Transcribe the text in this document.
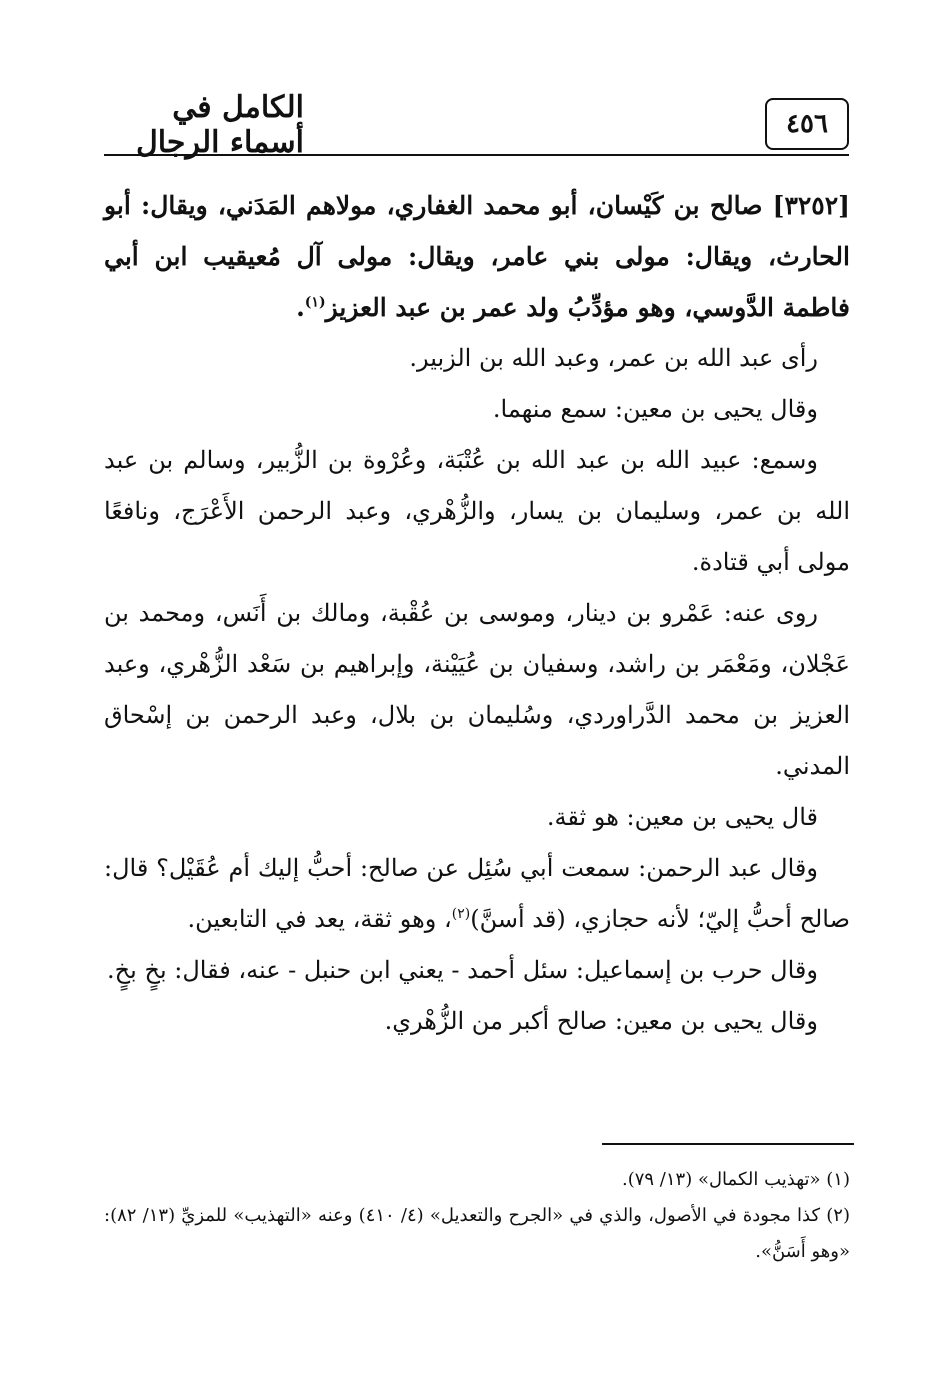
٤٥٦
الكامل في أسماء الرجال

[٣٢٥٢] صالح بن كَيْسان، أبو محمد الغفاري، مولاهم المَدَني، ويقال: أبو الحارث، ويقال: مولى بني عامر، ويقال: مولى آل مُعيقيب ابن أبي فاطمة الدَّوسي، وهو مؤدِّبُ ولد عمر بن عبد العزيز$^{(١)}$.

رأى عبد الله بن عمر، وعبد الله بن الزبير.

وقال يحيى بن معين: سمع منهما.

وسمع: عبيد الله بن عبد الله بن عُتْبَة، وعُرْوة بن الزُّبير، وسالم بن عبد الله بن عمر، وسليمان بن يسار، والزُّهْري، وعبد الرحمن الأَعْرَج، ونافعًا مولى أبي قتادة.

روى عنه: عَمْرو بن دينار، وموسى بن عُقْبة، ومالك بن أَنَس، ومحمد بن عَجْلان، ومَعْمَر بن راشد، وسفيان بن عُيَيْنة، وإبراهيم بن سَعْد الزُّهْري، وعبد العزيز بن محمد الدَّراوردي، وسُليمان بن بلال، وعبد الرحمن بن إسْحاق المدني.

قال يحيى بن معين: هو ثقة.

وقال عبد الرحمن: سمعت أبي سُئِل عن صالح: أحبُّ إليك أم عُقَيْل؟ قال: صالح أحبُّ إليّ؛ لأنه حجازي، (قد أسنَّ)$^{(٢)}$، وهو ثقة، يعد في التابعين.

وقال حرب بن إسماعيل: سئل أحمد - يعني ابن حنبل - عنه، فقال: بخٍ بخٍ.

وقال يحيى بن معين: صالح أكبر من الزُّهْري.

(١) «تهذيب الكمال» (١٣/ ٧٩).

(٢) كذا مجودة في الأصول، والذي في «الجرح والتعديل» (٤/ ٤١٠) وعنه «التهذيب» للمزيِّ (١٣/ ٨٢): «وهو أَسَنُّ».
